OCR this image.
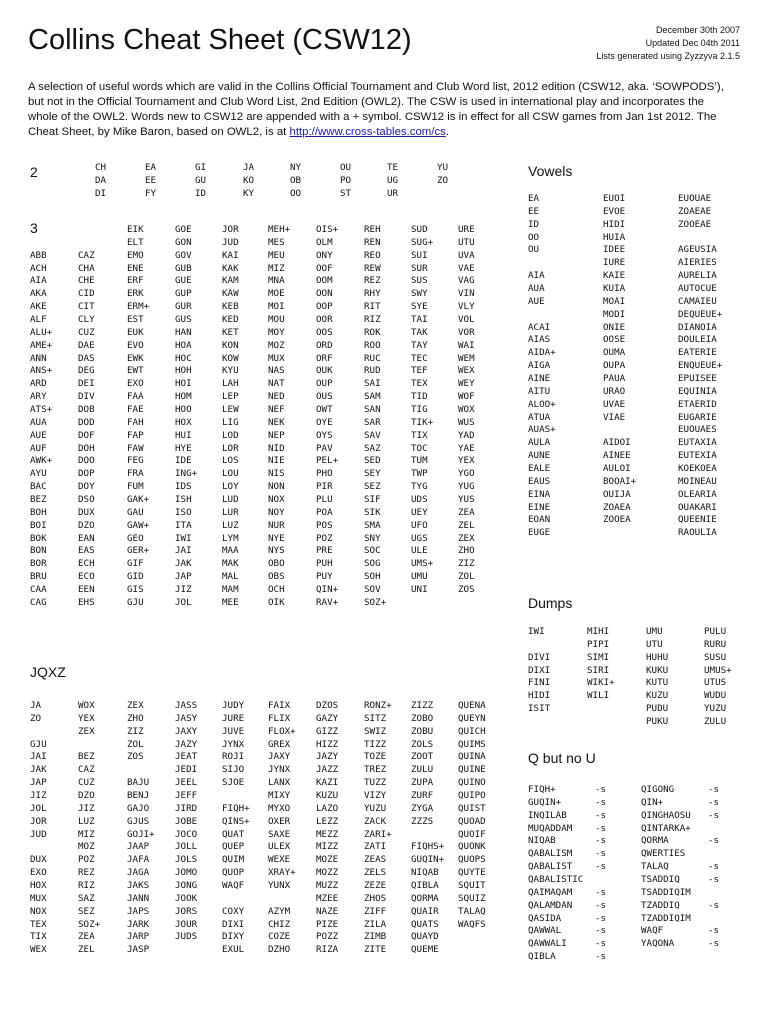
Collins Cheat Sheet (CSW12)	December 30th 2007
Updated Dec 04th 2011
Lists generated using Zyzzyva 2.1.5

A selection of useful words which are valid in the Collins Official Tournament and Club Word list, 2012 edition (CSW12, aka. ‘SOWPODS’), but not in the Official Tournament and Club Word List, 2nd Edition (OWL2). The CSW is used in international play and incorporates the whole of the OWL2. Words new to CSW12 are appended with a + symbol. CSW12 is in effect for all CSW games from Jan 1st 2012. The Cheat Sheet, by Mike Baron, based on OWL2, is at http://www.cross-tables.com/cs.

2
3
JQXZ
Vowels
Dumps
Q but no U
CH
DA
DI
EA
EE
FY
GI
GU
ID
JA
KO
KY
NY
OB
OO
OU
PO
ST
TE
UG
UR
YU
ZO
ABB
ACH
AIA
AKA
AKE
ALF
ALU+
AME+
ANN
ANS+
ARD
ARY
ATS+
AUA
AUE
AUF
AWK+
AYU
BAC
BEZ
BOH
BOI
BOK
BON
BOR
BRU
CAA
CAG
CAZ
CHA
CHE
CID
CIT
CLY
CUZ
DAE
DAS
DEG
DEI
DIV
DOB
DOD
DOF
DOH
DOO
DOP
DOY
DSO
DUX
DZO
EAN
EAS
ECH
ECO
EEN
EHS
EIK
ELT
EMO
ENE
ERF
ERK
ERM+
EST
EUK
EVO
EWK
EWT
EXO
FAA
FAE
FAH
FAP
FAW
FEG
FRA
FUM
GAK+
GAU
GAW+
GEO
GER+
GIF
GID
GIS
GJU
GOE
GON
GOV
GUB
GUE
GUP
GUR
GUS
HAN
HOA
HOC
HOH
HOI
HOM
HOO
HOX
HUI
HYE
IDE
ING+
IDS
ISH
ISO
ITA
IWI
JAI
JAK
JAP
JIZ
JOL
JOR
JUD
KAI
KAK
KAM
KAW
KEB
KED
KET
KON
KOW
KYU
LAH
LEP
LEW
LIG
LOD
LOR
LOS
LOU
LOY
LUD
LUR
LUZ
LYM
MAA
MAK
MAL
MAM
MEE
MEH+
MES
MEU
MIZ
MNA
MOE
MOI
MOU
MOY
MOZ
MUX
NAS
NAT
NED
NEF
NEK
NEP
NID
NIE
NIS
NON
NOX
NOY
NUR
NYE
NYS
OBO
OBS
OCH
OIK
OIS+
OLM
ONY
OOF
OOM
OON
OOP
OOR
OOS
ORD
ORF
OUK
OUP
OUS
OWT
OYE
OYS
PAV
PEL+
PHO
PIR
PLU
POA
POS
POZ
PRE
PUH
PUY
QIN+
RAV+
REH
REN
REO
REW
REZ
RHY
RIT
RIZ
ROK
ROO
RUC
RUD
SAI
SAM
SAN
SAR
SAV
SAZ
SED
SEY
SEZ
SIF
SIK
SMA
SNY
SOC
SOG
SOH
SOV
SOZ+
SUD
SUG+
SUI
SUR
SUS
SWY
SYE
TAI
TAK
TAY
TEC
TEF
TEX
TID
TIG
TIK+
TIX
TOC
TUM
TWP
TYG
UDS
UEY
UFO
UGS
ULE
UMS+
UMU
UNI
URE
UTU
UVA
VAE
VAG
VIN
VLY
VOL
VOR
WAI
WEM
WEX
WEY
WOF
WOX
WUS
YAD
YAE
YEX
YGO
YUG
YUS
ZEA
ZEL
ZEX
ZHO
ZIZ
ZOL
ZOS
JA
ZO
GJU
JAI
JAK
JAP
JIZ
JOL
JOR
JUD
DUX
EXO
HOX
MUX
NOX
TEX
TIX
WEX
WOX
YEX
ZEX
BEZ
CAZ
CUZ
DZO
JIZ
LUZ
MIZ
MOZ
POZ
REZ
RIZ
SAZ
SEZ
SOZ+
ZEA
ZEL
ZEX
ZHO
ZIZ
ZOL
ZOS
BAJU
BENJ
GAJO
GJUS
GOJI+
JAAP
JAFA
JAGA
JAKS
JANN
JAPS
JARK
JARP
JASP
JASS
JASY
JAXY
JAZY
JEAT
JEDI
JEEL
JEFF
JIRD
JOBE
JOCO
JOLL
JOLS
JOMO
JONG
JOOK
JORS
JOUR
JUDS
JUDY
JURE
JUVE
JYNX
ROJI
SIJO
SJOE
FIQH+
QINS+
QUAT
QUEP
QUIM
QUOP
WAQF
COXY
DIXI
DIXY
EXUL
FAIX
FLIX
FLOX+
GREX
JAXY
JYNX
LANX
MIXY
MYXO
OXER
SAXE
ULEX
WEXE
XRAY+
YUNX
AZYM
CHIZ
COZE
DZHO
DZOS
GAZY
GIZZ
HIZZ
JAZY
JAZZ
KAZI
KUZU
LAZO
LEZZ
MEZZ
MIZZ
MOZE
MOZZ
MUZZ
MZEE
NAZE
PIZE
POZZ
RIZA
RONZ+
SITZ
SWIZ
TIZZ
TOZE
TREZ
TUZZ
VIZY
YUZU
ZACK
ZARI+
ZATI
ZEAS
ZELS
ZEZE
ZHOS
ZIFF
ZILA
ZIMB
ZITE
ZIZZ
ZOBO
ZOBU
ZOLS
ZOOT
ZULU
ZUPA
ZURF
ZYGA
ZZZS
FIQHS+
GUQIN+
NIQAB
QIBLA
QORMA
QUAIR
QUATS
QUAYD
QUEME
QUENA
QUEYN
QUICH
QUIMS
QUINA
QUINE
QUINO
QUIPO
QUIST
QUOAD
QUOIF
QUONK
QUOPS
QUYTE
SQUIT
SQUIZ
TALAQ
WAQFS
EA
EE
ID
OO
OU
AIA
AUA
AUE
ACAI
AIAS
AIDA+
AIGA
AINE
AITU
ALOO+
ATUA
AUAS+
AULA
AUNE
EALE
EAUS
EINA
EINE
EOAN
EUGE
EUOI
EVOE
HIDI
HUIA
IDEE
IURE
KAIE
KUIA
MOAI
MODI
ONIE
OOSE
OUMA
OUPA
PAUA
URAO
UVAE
VIAE
AIDOI
AINEE
AULOI
BOOAI+
OUIJA
ZOAEA
ZOOEA
EUOUAE
ZOAEAE
ZOOEAE
AGEUSIA
AIERIES
AURELIA
AUTOCUE
CAMAIEU
DEQUEUE+
DIANOIA
DOULEIA
EATERIE
ENQUEUE+
EPUISEE
EQUINIA
ETAERID
EUGARIE
EUOUAES
EUTAXIA
EUTEXIA
KOEKOEA
MOINEAU
OLEARIA
OUAKARI
QUEENIE
RAOULIA
IWI
DIVI
DIXI
FINI
HIDI
ISIT
MIHI
PIPI
SIMI
SIRI
WIKI+
WILI
UMU
UTU
HUHU
KUKU
KUTU
KUZU
PUDU
PUKU
PULU
RURU
SUSU
UMUS+
UTUS
WUDU
YUZU
ZULU
FIQH+
GUQIN+
INQILAB
MUQADDAM
NIQAB
QABALISM
QABALIST
QABALISTIC
QAIMAQAM
QALAMDAN
QASIDA
QAWWAL
QAWWALI
QIBLA
-s
-s
-s
-s
-s
-s
-s
-s
-s
-s
-s
-s
-s
QIGONG
QIN+
QINGHAOSU
QINTARKA+
QORMA
QWERTIES
TALAQ
TSADDIQ
TSADDIQIM
TZADDIQ
TZADDIQIM
WAQF
YAQONA
-s
-s
-s
-s
-s
-s
-s
-s
-s
